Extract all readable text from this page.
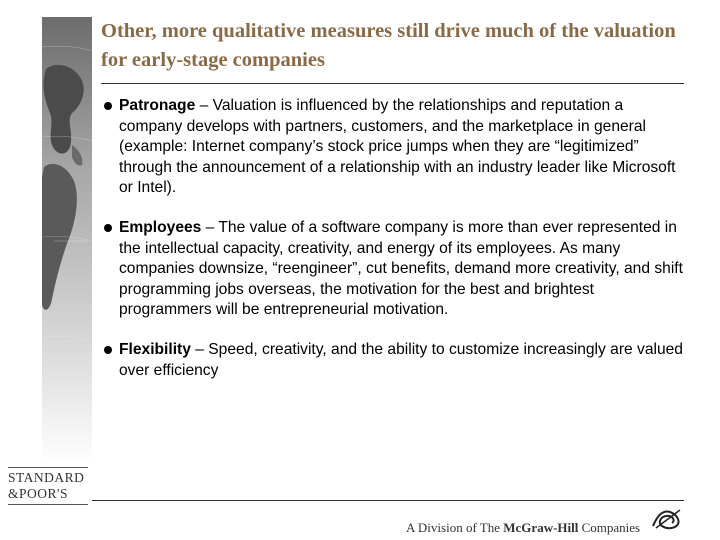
Other, more qualitative measures still drive much of the valuation for early-stage companies
Patronage – Valuation is influenced by the relationships and reputation a company develops with partners, customers, and the marketplace in general (example: Internet company’s stock price jumps when they are “legitimized” through the announcement of a relationship with an industry leader like Microsoft or Intel).
Employees – The value of a software company is more than ever represented in the intellectual capacity, creativity, and energy of its employees. As many companies downsize, “reengineer”, cut benefits, demand more creativity, and shift programming jobs overseas, the motivation for the best and brightest programmers will be entrepreneurial motivation.
Flexibility – Speed, creativity, and the ability to customize increasingly are valued over efficiency
STANDARD
&POOR'S
A Division of The McGraw-Hill Companies
